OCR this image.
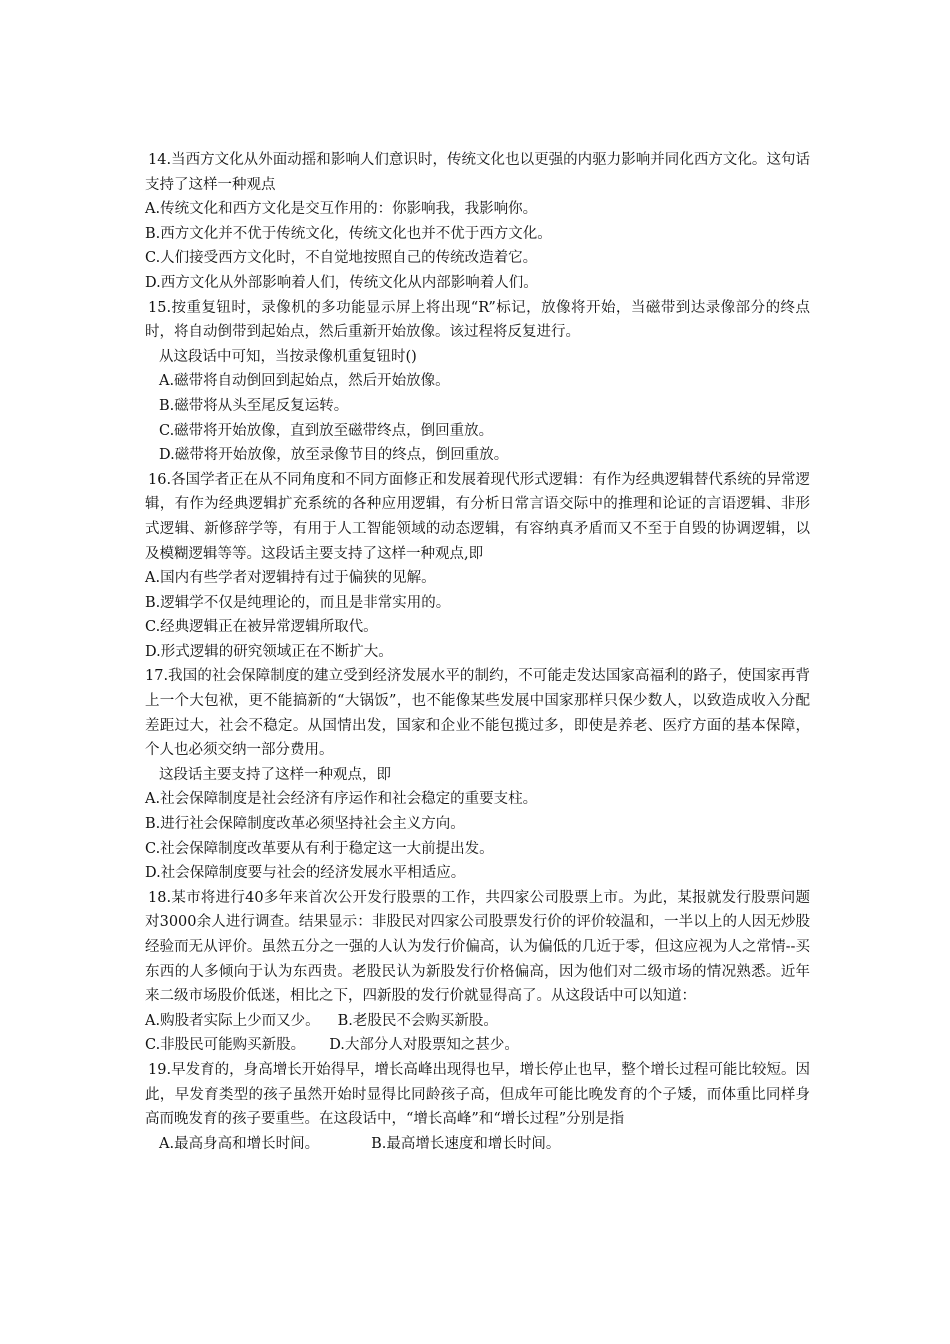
14.当西方文化从外面动摇和影响人们意识时，传统文化也以更强的内驱力影响并同化西方文化。这句话支持了这样一种观点

A.传统文化和西方文化是交互作用的：你影响我，我影响你。

B.西方文化并不优于传统文化，传统文化也并不优于西方文化。

C.人们接受西方文化时，不自觉地按照自己的传统改造着它。

D.西方文化从外部影响着人们，传统文化从内部影响着人们。

15.按重复钮时，录像机的多功能显示屏上将出现“R”标记，放像将开始，当磁带到达录像部分的终点时，将自动倒带到起始点，然后重新开始放像。该过程将反复进行。

从这段话中可知，当按录像机重复钮时()

A.磁带将自动倒回到起始点，然后开始放像。

B.磁带将从头至尾反复运转。

C.磁带将开始放像，直到放至磁带终点，倒回重放。

D.磁带将开始放像，放至录像节目的终点，倒回重放。

16.各国学者正在从不同角度和不同方面修正和发展着现代形式逻辑：有作为经典逻辑替代系统的异常逻辑，有作为经典逻辑扩充系统的各种应用逻辑，有分析日常言语交际中的推理和论证的言语逻辑、非形式逻辑、新修辞学等，有用于人工智能领域的动态逻辑，有容纳真矛盾而又不至于自毁的协调逻辑，以及模糊逻辑等等。这段话主要支持了这样一种观点,即

A.国内有些学者对逻辑持有过于偏狭的见解。

B.逻辑学不仅是纯理论的，而且是非常实用的。

C.经典逻辑正在被异常逻辑所取代。

D.形式逻辑的研究领域正在不断扩大。

17.我国的社会保障制度的建立受到经济发展水平的制约，不可能走发达国家高福利的路子，使国家再背上一个大包袱，更不能搞新的“大锅饭”，也不能像某些发展中国家那样只保少数人，以致造成收入分配差距过大，社会不稳定。从国情出发，国家和企业不能包揽过多，即使是养老、医疗方面的基本保障，个人也必须交纳一部分费用。

这段话主要支持了这样一种观点，即

A.社会保障制度是社会经济有序运作和社会稳定的重要支柱。

B.进行社会保障制度改革必须坚持社会主义方向。

C.社会保障制度改革要从有利于稳定这一大前提出发。

D.社会保障制度要与社会的经济发展水平相适应。

18.某市将进行40多年来首次公开发行股票的工作，共四家公司股票上市。为此，某报就发行股票问题对3000余人进行调查。结果显示：非股民对四家公司股票发行价的评价较温和，一半以上的人因无炒股经验而无从评价。虽然五分之一强的人认为发行价偏高，认为偏低的几近于零，但这应视为人之常情--买东西的人多倾向于认为东西贵。老股民认为新股发行价格偏高，因为他们对二级市场的情况熟悉。近年来二级市场股价低迷，相比之下，四新股的发行价就显得高了。从这段话中可以知道：

A.购股者实际上少而又少。 B.老股民不会购买新股。
C.非股民可能购买新股。 D.大部分人对股票知之甚少。

19.早发育的，身高增长开始得早，增长高峰出现得也早，增长停止也早，整个增长过程可能比较短。因此，早发育类型的孩子虽然开始时显得比同龄孩子高，但成年可能比晚发育的个子矮，而体重比同样身高而晚发育的孩子要重些。在这段话中，“增长高峰”和“增长过程”分别是指

A.最高身高和增长时间。	B.最高增长速度和增长时间。
